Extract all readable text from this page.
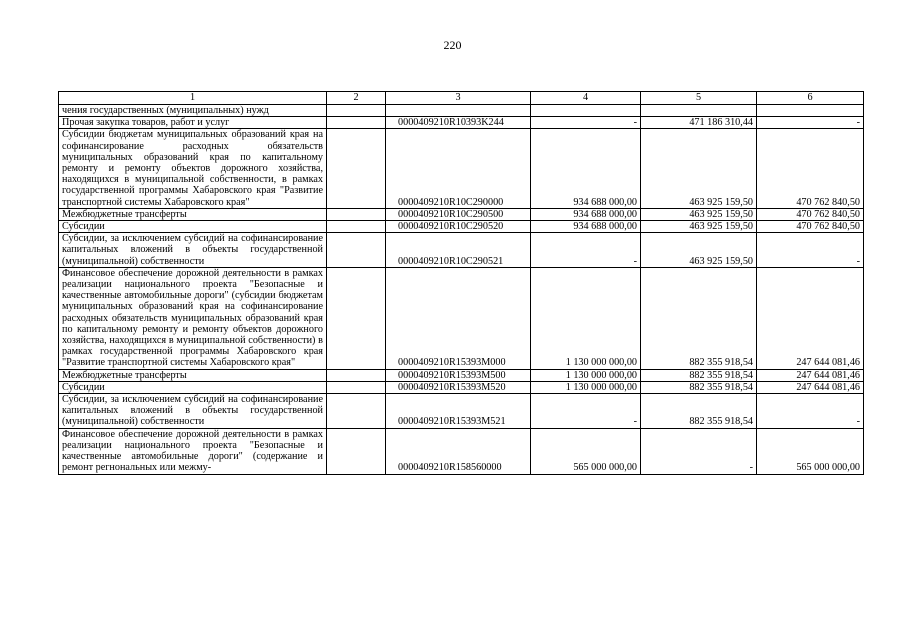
220
1	2	3	4	5	6
чения государственных (муниципальных) нужд					
Прочая закупка товаров, работ и услуг		0000409210R10393K244	-	471 186 310,44	-
Субсидии бюджетам муниципальных образований края на софинансирование расходных обязательств муниципальных образований края по капитальному ремонту и ремонту объектов дорожного хозяйства, находящихся в муниципальной собственности, в рамках государственной программы Хабаровского края "Развитие транспортной системы Хабаровского края"		0000409210R10C290000	934 688 000,00	463 925 159,50	470 762 840,50
Межбюджетные трансферты		0000409210R10C290500	934 688 000,00	463 925 159,50	470 762 840,50
Субсидии		0000409210R10C290520	934 688 000,00	463 925 159,50	470 762 840,50
Субсидии, за исключением субсидий на софинансирование капитальных вложений в объекты государственной (муниципальной) собственности		0000409210R10C290521	-	463 925 159,50	-
Финансовое обеспечение дорожной деятельности в рамках реализации национального проекта "Безопасные и качественные автомобильные дороги" (субсидии бюджетам муниципальных образований края на софинансирование расходных обязательств муниципальных образований края по капитальному ремонту и ремонту объектов дорожного хозяйства, находящихся в муниципальной собственности) в рамках государственной программы Хабаровского края "Развитие транспортной системы Хабаровского края"		0000409210R15393M000	1 130 000 000,00	882 355 918,54	247 644 081,46
Межбюджетные трансферты		0000409210R15393M500	1 130 000 000,00	882 355 918,54	247 644 081,46
Субсидии		0000409210R15393M520	1 130 000 000,00	882 355 918,54	247 644 081,46
Субсидии, за исключением субсидий на софинансирование капитальных вложений в объекты государственной (муниципальной) собственности		0000409210R15393M521	-	882 355 918,54	-
Финансовое обеспечение дорожной деятельности в рамках реализации национального проекта "Безопасные и качественные автомобильные дороги" (содержание и ремонт регнональных или межму-		0000409210R158560000	565 000 000,00	-	565 000 000,00
